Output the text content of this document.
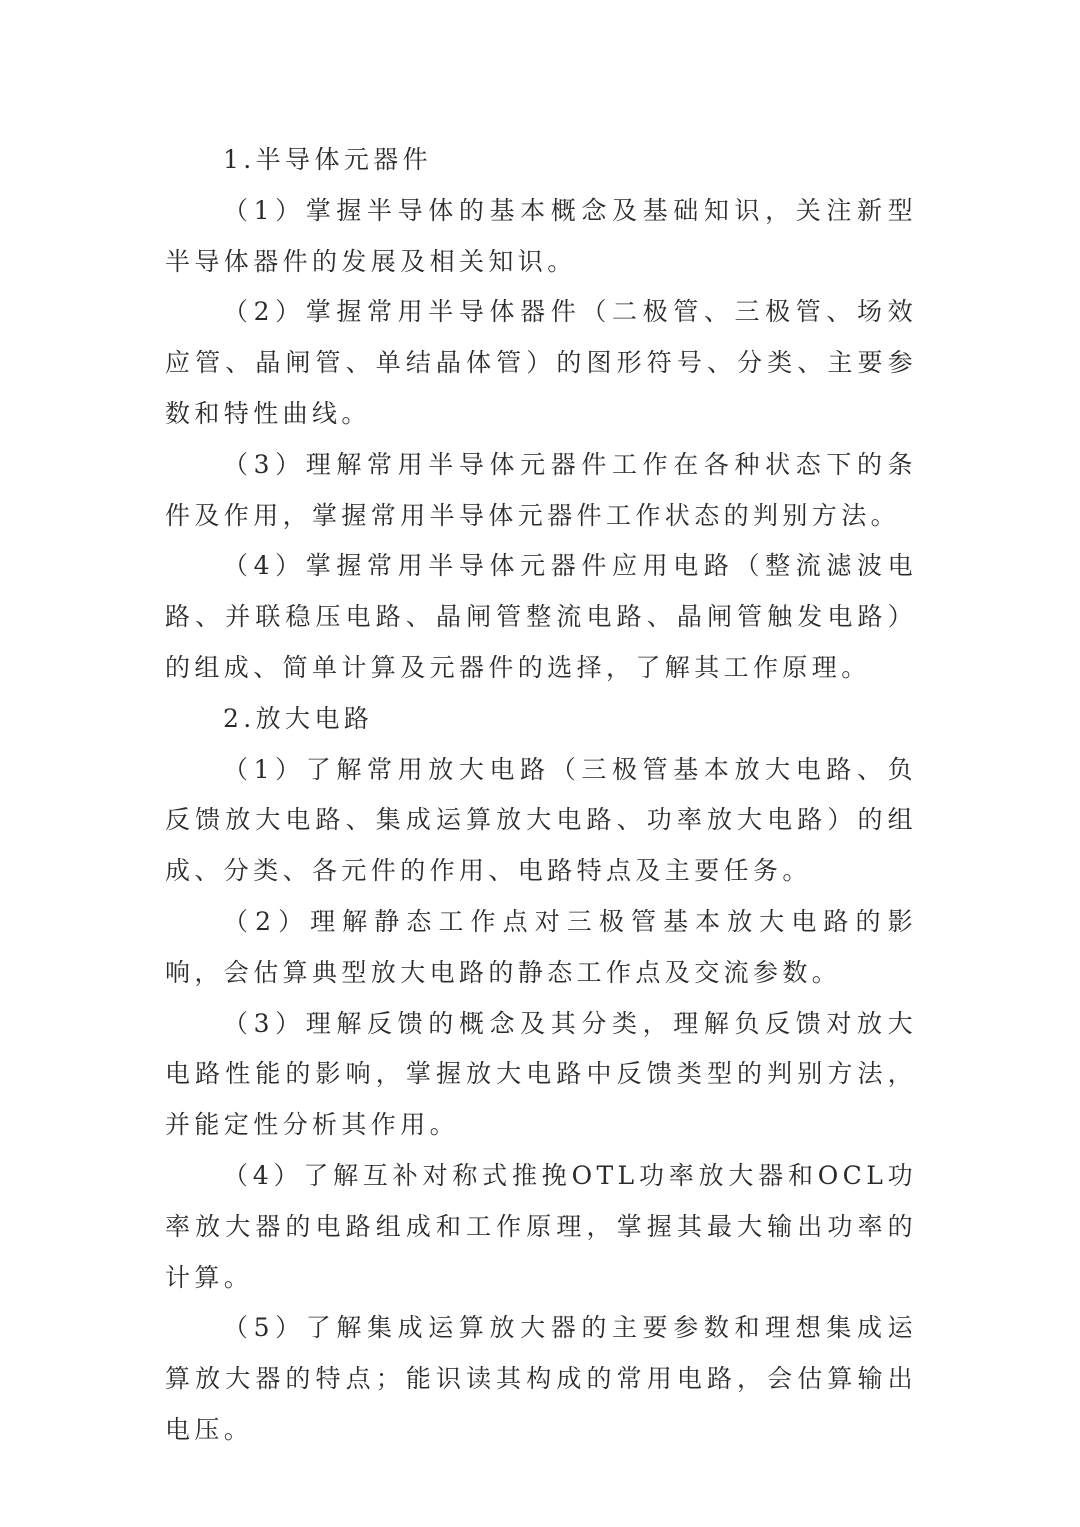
1.半导体元器件

（1）掌握半导体的基本概念及基础知识，关注新型半导体器件的发展及相关知识。

（2）掌握常用半导体器件（二极管、三极管、场效应管、晶闸管、单结晶体管）的图形符号、分类、主要参数和特性曲线。

（3）理解常用半导体元器件工作在各种状态下的条件及作用，掌握常用半导体元器件工作状态的判别方法。

（4）掌握常用半导体元器件应用电路（整流滤波电路、并联稳压电路、晶闸管整流电路、晶闸管触发电路）的组成、简单计算及元器件的选择，了解其工作原理。

2.放大电路

（1）了解常用放大电路（三极管基本放大电路、负反馈放大电路、集成运算放大电路、功率放大电路）的组成、分类、各元件的作用、电路特点及主要任务。

（2）理解静态工作点对三极管基本放大电路的影响，会估算典型放大电路的静态工作点及交流参数。

（3）理解反馈的概念及其分类，理解负反馈对放大电路性能的影响，掌握放大电路中反馈类型的判别方法，并能定性分析其作用。

（4）了解互补对称式推挽OTL功率放大器和OCL功率放大器的电路组成和工作原理，掌握其最大输出功率的计算。

（5）了解集成运算放大器的主要参数和理想集成运算放大器的特点；能识读其构成的常用电路，会估算输出电压。
